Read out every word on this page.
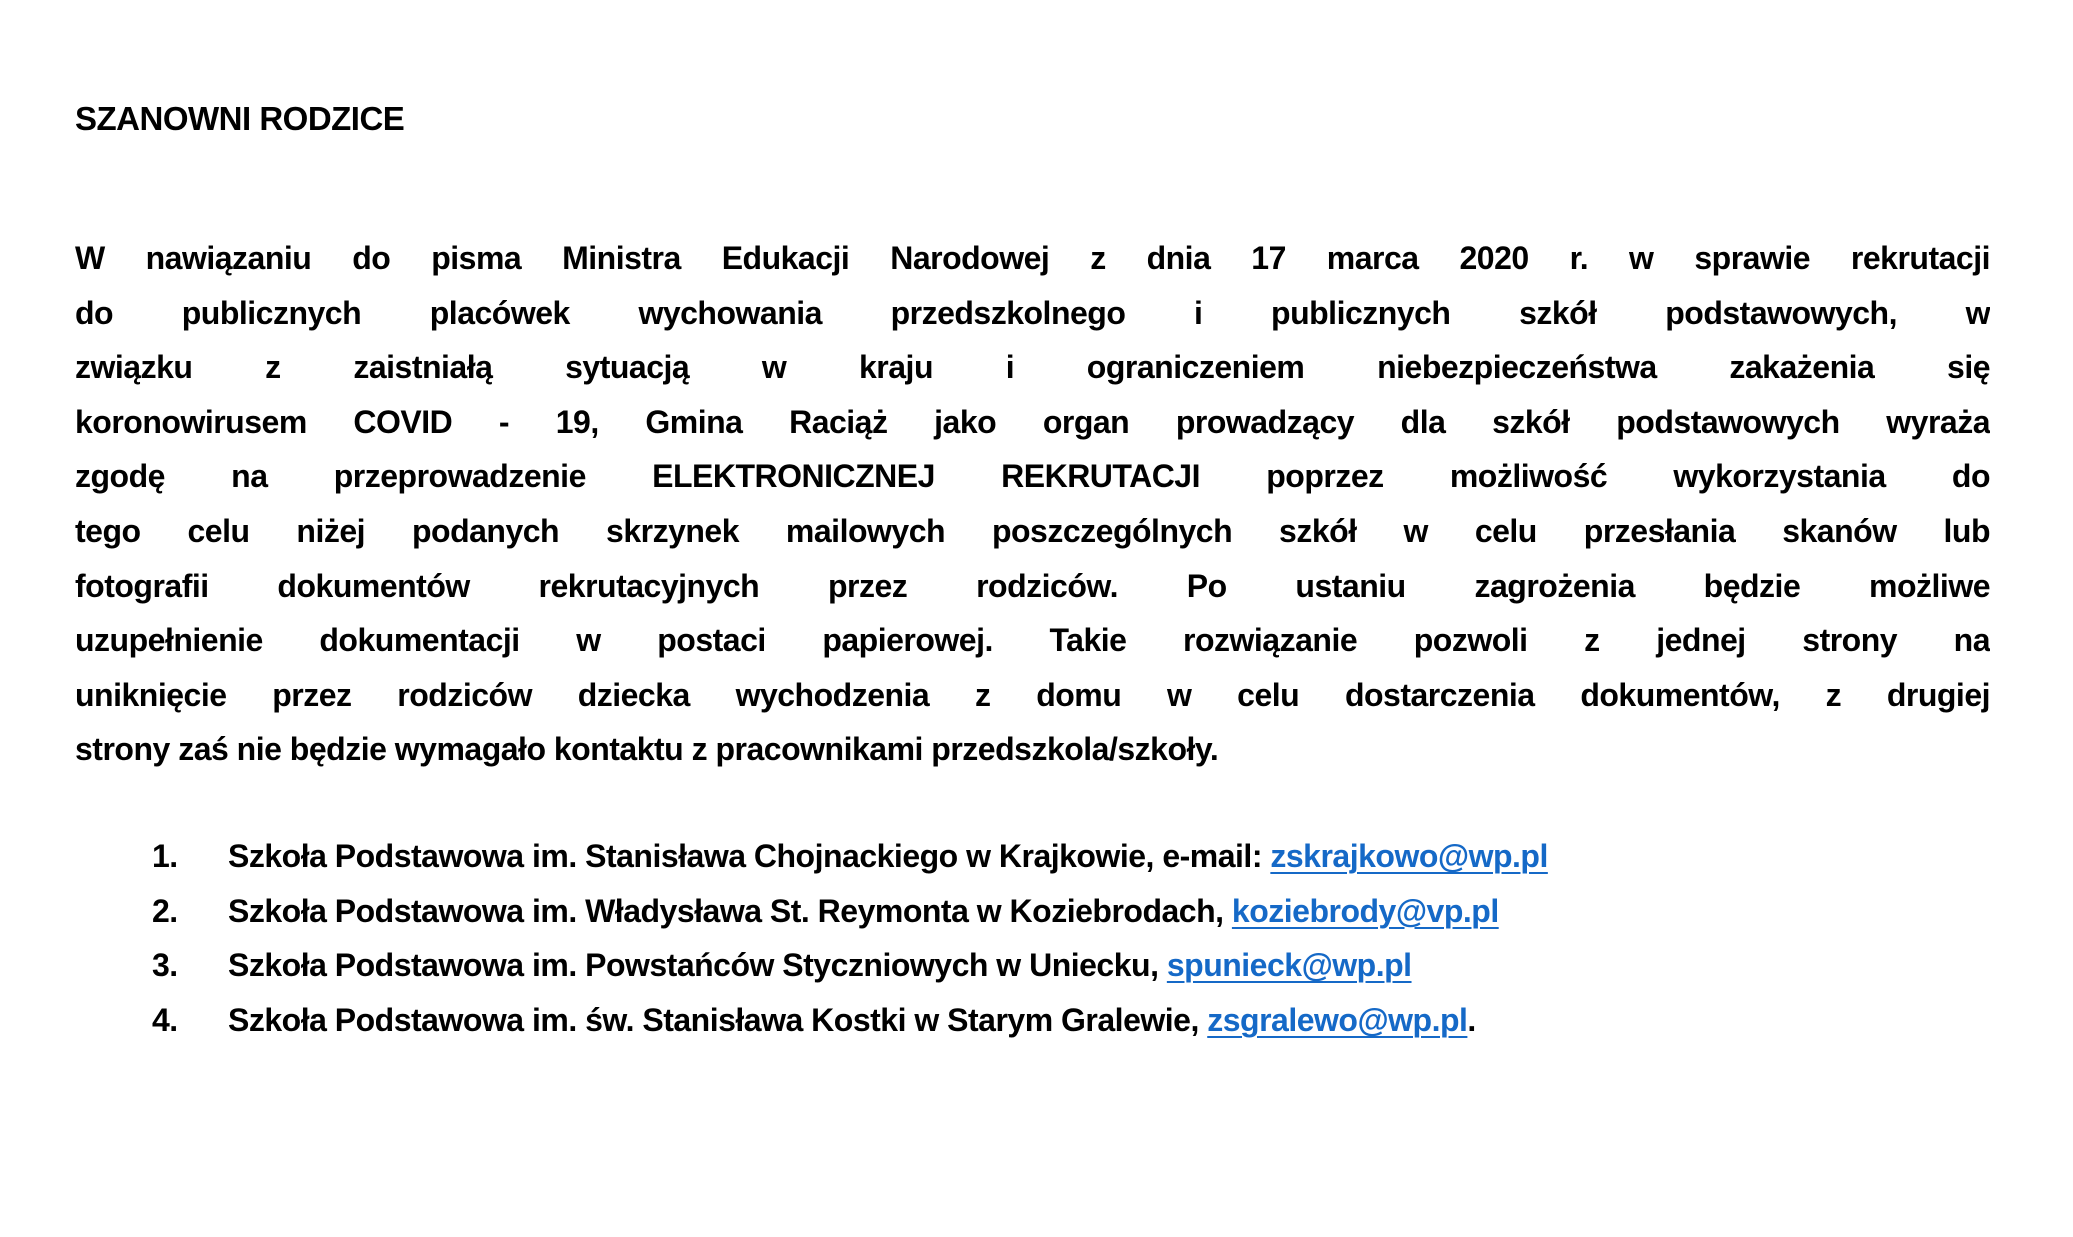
SZANOWNI RODZICE
W nawiązaniu do pisma Ministra Edukacji Narodowej z dnia 17 marca 2020 r. w sprawie rekrutacji
do publicznych placówek wychowania przedszkolnego i publicznych szkół podstawowych, w
związku z zaistniałą sytuacją w kraju i ograniczeniem niebezpieczeństwa zakażenia się
koronowirusem COVID - 19, Gmina Raciąż jako organ prowadzący dla szkół podstawowych wyraża
zgodę na przeprowadzenie ELEKTRONICZNEJ REKRUTACJI poprzez możliwość wykorzystania do
tego celu niżej podanych skrzynek mailowych poszczególnych szkół w celu przesłania skanów lub
fotografii dokumentów rekrutacyjnych przez rodziców. Po ustaniu zagrożenia będzie możliwe
uzupełnienie dokumentacji w postaci papierowej. Takie rozwiązanie pozwoli z jednej strony na
uniknięcie przez rodziców dziecka wychodzenia z domu w celu dostarczenia dokumentów, z drugiej
strony zaś nie będzie wymagało kontaktu z pracownikami przedszkola/szkoły.
1.	Szkoła Podstawowa im. Stanisława Chojnackiego w Krajkowie, e-mail: zskrajkowo@wp.pl
2.	Szkoła Podstawowa im. Władysława St. Reymonta w Koziebrodach, koziebrody@vp.pl
3.	Szkoła Podstawowa im. Powstańców Styczniowych w Uniecku, spunieck@wp.pl
4.	Szkoła Podstawowa im. św. Stanisława Kostki w Starym Gralewie, zsgralewo@wp.pl.
